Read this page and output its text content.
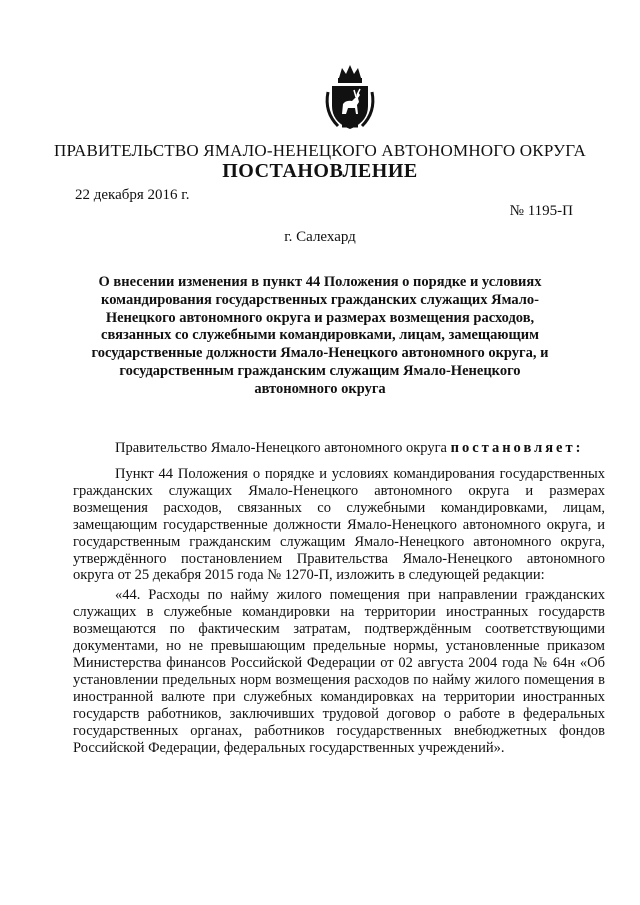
ПРАВИТЕЛЬСТВО ЯМАЛО-НЕНЕЦКОГО АВТОНОМНОГО ОКРУГА
ПОСТАНОВЛЕНИЕ
22 декабря 2016 г.
№ 1195-П
г. Салехард
О внесении изменения в пункт 44 Положения о порядке и условиях командирования государственных гражданских служащих Ямало-Ненецкого автономного округа и размерах возмещения расходов, связанных со служебными командировками, лицам, замещающим государственные должности Ямало-Ненецкого автономного округа, и государственным гражданским служащим Ямало-Ненецкого автономного округа
Правительство Ямало-Ненецкого автономного округа постановляет:

Пункт 44 Положения о порядке и условиях командирования государственных гражданских служащих Ямало-Ненецкого автономного округа и размерах возмещения расходов, связанных со служебными командировками, лицам, замещающим государственные должности Ямало-Ненецкого автономного округа, и государственным гражданским служащим Ямало-Ненецкого автономного округа, утверждённого постановлением Правительства Ямало-Ненецкого автономного округа от 25 декабря 2015 года № 1270-П, изложить в следующей редакции:

«44. Расходы по найму жилого помещения при направлении гражданских служащих в служебные командировки на территории иностранных государств возмещаются по фактическим затратам, подтверждённым соответствующими документами, но не превышающим предельные нормы, установленные приказом Министерства финансов Российской Федерации от 02 августа 2004 года № 64н «Об установлении предельных норм возмещения расходов по найму жилого помещения в иностранной валюте при служебных командировках на территории иностранных государств работников, заключивших трудовой договор о работе в федеральных государственных органах, работников государственных внебюджетных фондов Российской Федерации, федеральных государственных учреждений».
